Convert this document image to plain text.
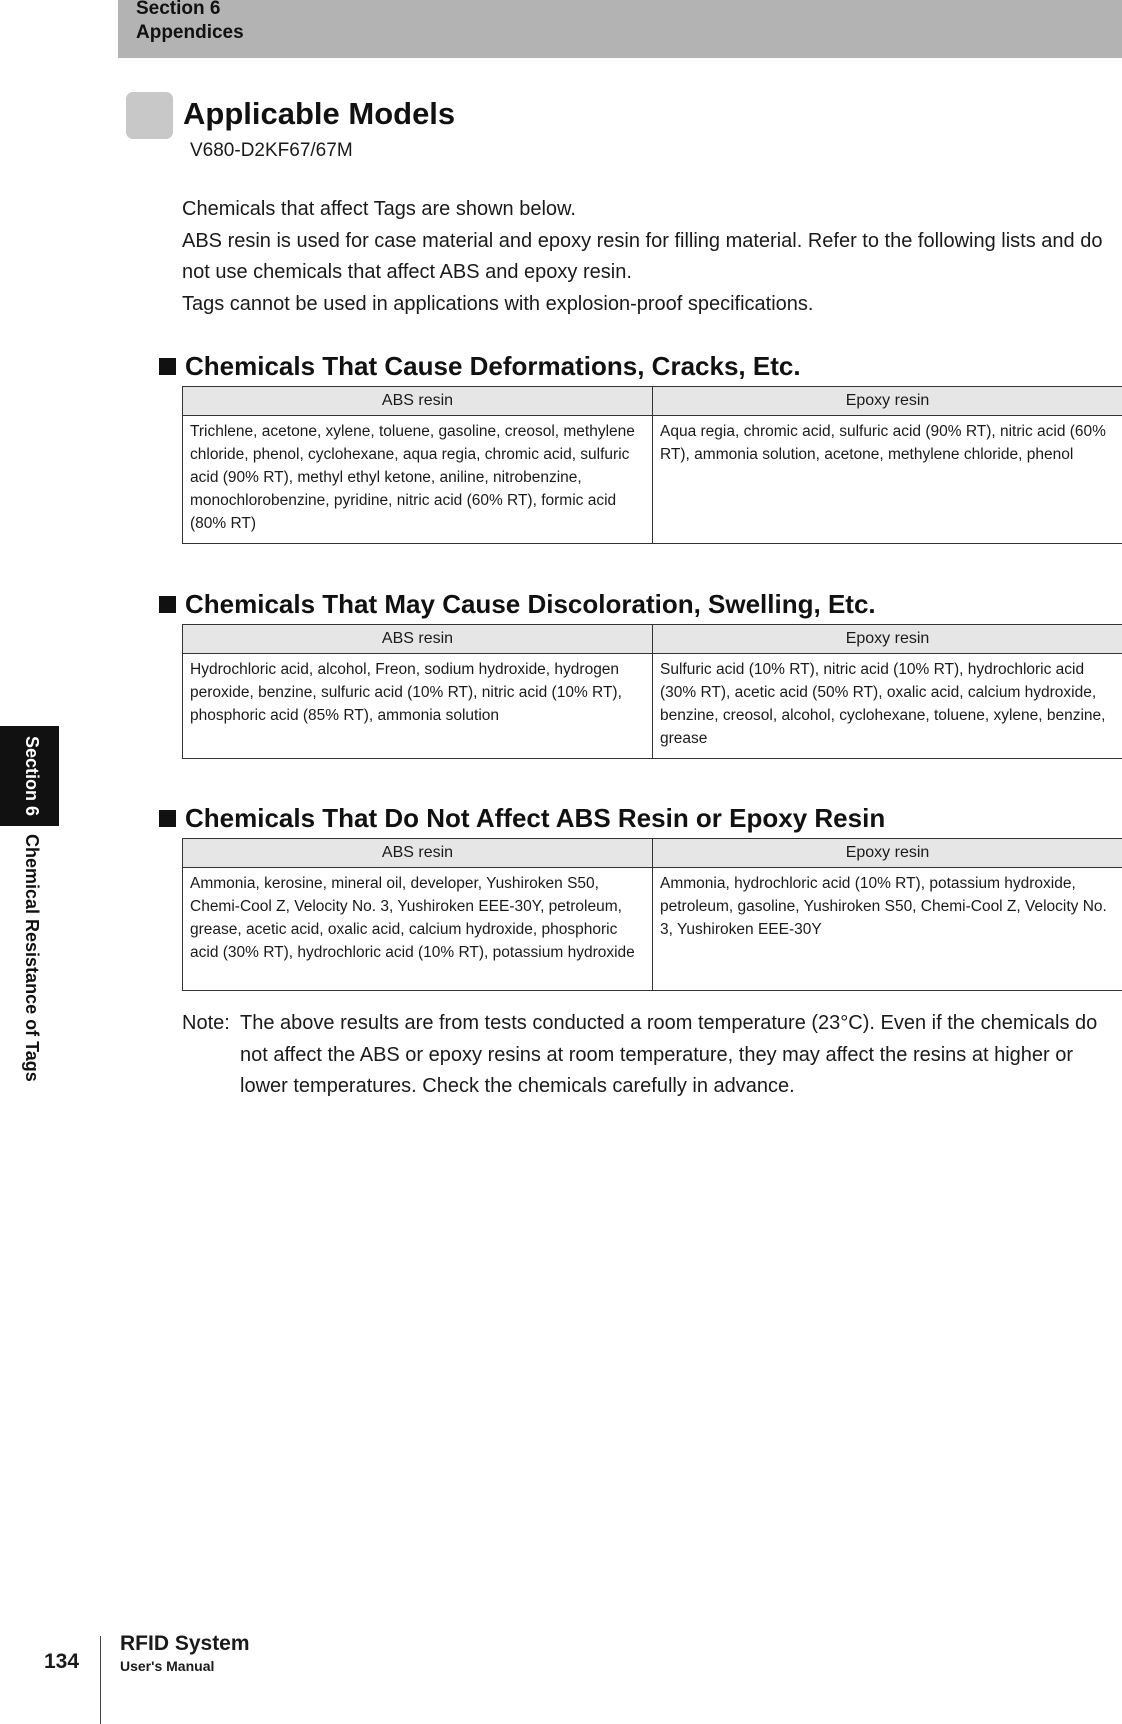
Section 6
Appendices
Section 6Chemical Resistance of Tags
Applicable Models
V680-D2KF67/67M

Chemicals that affect Tags are shown below.

ABS resin is used for case material and epoxy resin for filling material. Refer to the following lists and do not use chemicals that affect ABS and epoxy resin.

Tags cannot be used in applications with explosion-proof specifications.

Chemicals That Cause Deformations, Cracks, Etc.
ABS resin	Epoxy resin
Trichlene, acetone, xylene, toluene, gasoline, creosol, methylene chloride, phenol, cyclohexane, aqua regia, chromic acid, sulfuric acid (90% RT), methyl ethyl ketone, aniline, nitrobenzine, monochlorobenzine, pyridine, nitric acid (60% RT), formic acid (80% RT)	Aqua regia, chromic acid, sulfuric acid (90% RT), nitric acid (60% RT), ammonia solution, acetone, methylene chloride, phenol
Chemicals That May Cause Discoloration, Swelling, Etc.
ABS resin	Epoxy resin
Hydrochloric acid, alcohol, Freon, sodium hydroxide, hydrogen peroxide, benzine, sulfuric acid (10% RT), nitric acid (10% RT), phosphoric acid (85% RT), ammonia solution	Sulfuric acid (10% RT), nitric acid (10% RT), hydrochloric acid (30% RT), acetic acid (50% RT), oxalic acid, calcium hydroxide, benzine, creosol, alcohol, cyclohexane, toluene, xylene, benzine, grease
Chemicals That Do Not Affect ABS Resin or Epoxy Resin
ABS resin	Epoxy resin
Ammonia, kerosine, mineral oil, developer, Yushiroken S50, Chemi-Cool Z, Velocity No. 3, Yushiroken EEE-30Y, petroleum, grease, acetic acid, oxalic acid, calcium hydroxide, phosphoric acid (30% RT), hydrochloric acid (10% RT), potassium hydroxide	Ammonia, hydrochloric acid (10% RT), potassium hydroxide, petroleum, gasoline, Yushiroken S50, Chemi-Cool Z, Velocity No. 3, Yushiroken EEE-30Y
Note: The above results are from tests conducted a room temperature (23°C). Even if the chemicals do not affect the ABS or epoxy resins at room temperature, they may affect the resins at higher or lower temperatures. Check the chemicals carefully in advance.
134
RFID System
User's Manual
